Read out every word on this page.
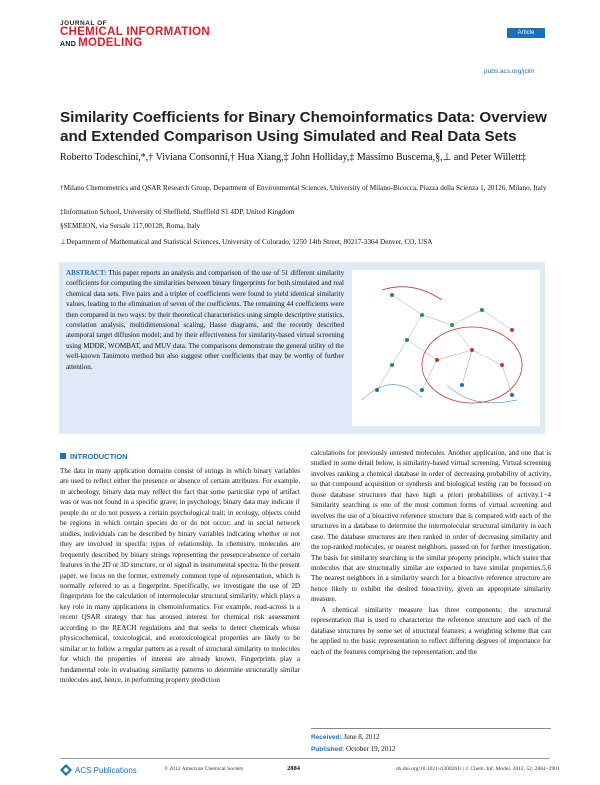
JOURNAL OF
CHEMICAL INFORMATION
AND MODELING
Article
pubs.acs.org/jcim
Similarity Coefficients for Binary Chemoinformatics Data: Overview and Extended Comparison Using Simulated and Real Data Sets
Roberto Todeschini,*,† Viviana Consonni,† Hua Xiang,‡ John Holliday,‡ Massimo Buscema,§,⊥ and Peter Willett‡
†Milano Chemometrics and QSAR Research Group, Department of Environmental Sciences, University of Milano-Bicocca, Piazza della Scienza 1, 20126, Milano, Italy
‡Information School, University of Sheffield, Sheffield S1 4DP, United Kingdom
§SEMEION, via Sersale 117,00128, Roma, Italy
⊥Department of Mathematical and Statistical Sciences, University of Colorado, 1250 14th Street, 80217-3364 Denver, CO, USA
ABSTRACT: This paper reports an analysis and comparison of the use of 51 different similarity coefficients for computing the similarities between binary fingerprints for both simulated and real chemical data sets. Five pairs and a triplet of coefficients were found to yield identical similarity values, leading to the elimination of seven of the coefficients. The remaining 44 coefficients were then compared in two ways: by their theoretical characteristics using simple descriptive statistics, correlation analysis, multidimensional scaling, Hasse diagrams, and the recently described atemporal target diffusion model; and by their effectiveness for similarity-based virtual screening using MDDR, WOMBAT, and MUV data. The comparisons demonstrate the general utility of the well-known Tanimoto method but also suggest other coefficients that may be worthy of further attention.
INTRODUCTION

The data in many application domains consist of strings in which binary variables are used to reflect either the presence or absence of certain attributes. For example, in archeology, binary data may reflect the fact that some particular type of artifact was or was not found in a specific grave; in psychology, binary data may indicate if people do or do not possess a certain psychological trait; in ecology, objects could be regions in which certain species do or do not occur; and in social network studies, individuals can be described by binary variables indicating whether or not they are involved in specific types of relationship. In chemistry, molecules are frequently described by binary strings representing the presence/absence of certain features in the 2D or 3D structure, or of signal in instrumental spectra. In the present paper, we focus on the former, extremely common type of representation, which is normally referred to as a fingerprint. Specifically, we investigate the use of 2D fingerprints for the calculation of intermolecular structural similarity, which plays a key role in many applications in chemoinformatics. For example, read-across is a recent QSAR strategy that has aroused interest for chemical risk assessment according to the REACH regulations and that seeks to detect chemicals whose physicochemical, toxicological, and ecotoxicological properties are likely to be similar or to follow a regular pattern as a result of structural similarity to molecules for which the properties of interest are already known. Fingerprints play a fundamental role in evaluating similarity patterns to determine structurally similar molecules and, hence, in performing property prediction

calculations for previously untested molecules. Another application, and one that is studied in some detail below, is similarity-based virtual screening. Virtual screening involves ranking a chemical database in order of decreasing probability of activity, so that compound acquisition or synthesis and biological testing can be focused on those database structures that have high a priori probabilities of activity.1−4 Similarity searching is one of the most common forms of virtual screening and involves the use of a bioactive reference structure that is compared with each of the structures in a database to determine the intermolecular structural similarity in each case. The database structures are then ranked in order of decreasing similarity and the top-ranked molecules, or nearest neighbors, passed on for further investigation. The basis for similarity searching is the similar property principle, which states that molecules that are structurally similar are expected to have similar properties.5,6 The nearest neighbors in a similarity search for a bioactive reference structure are hence likely to exhibit the desired bioactivity, given an appropriate similarity measure.

A chemical similarity measure has three components: the structural representation that is used to characterize the reference structure and each of the database structures by some set of structural features; a weighting scheme that can be applied to the basic representation to reflect differing degrees of importance for each of the features comprising the representation; and the

Received: June 8, 2012
Published: October 19, 2012
ACS Publications	© 2012 American Chemical Society	2884	dx.doi.org/10.1021/ci300261r | J. Chem. Inf. Model. 2012, 52, 2884−2901
